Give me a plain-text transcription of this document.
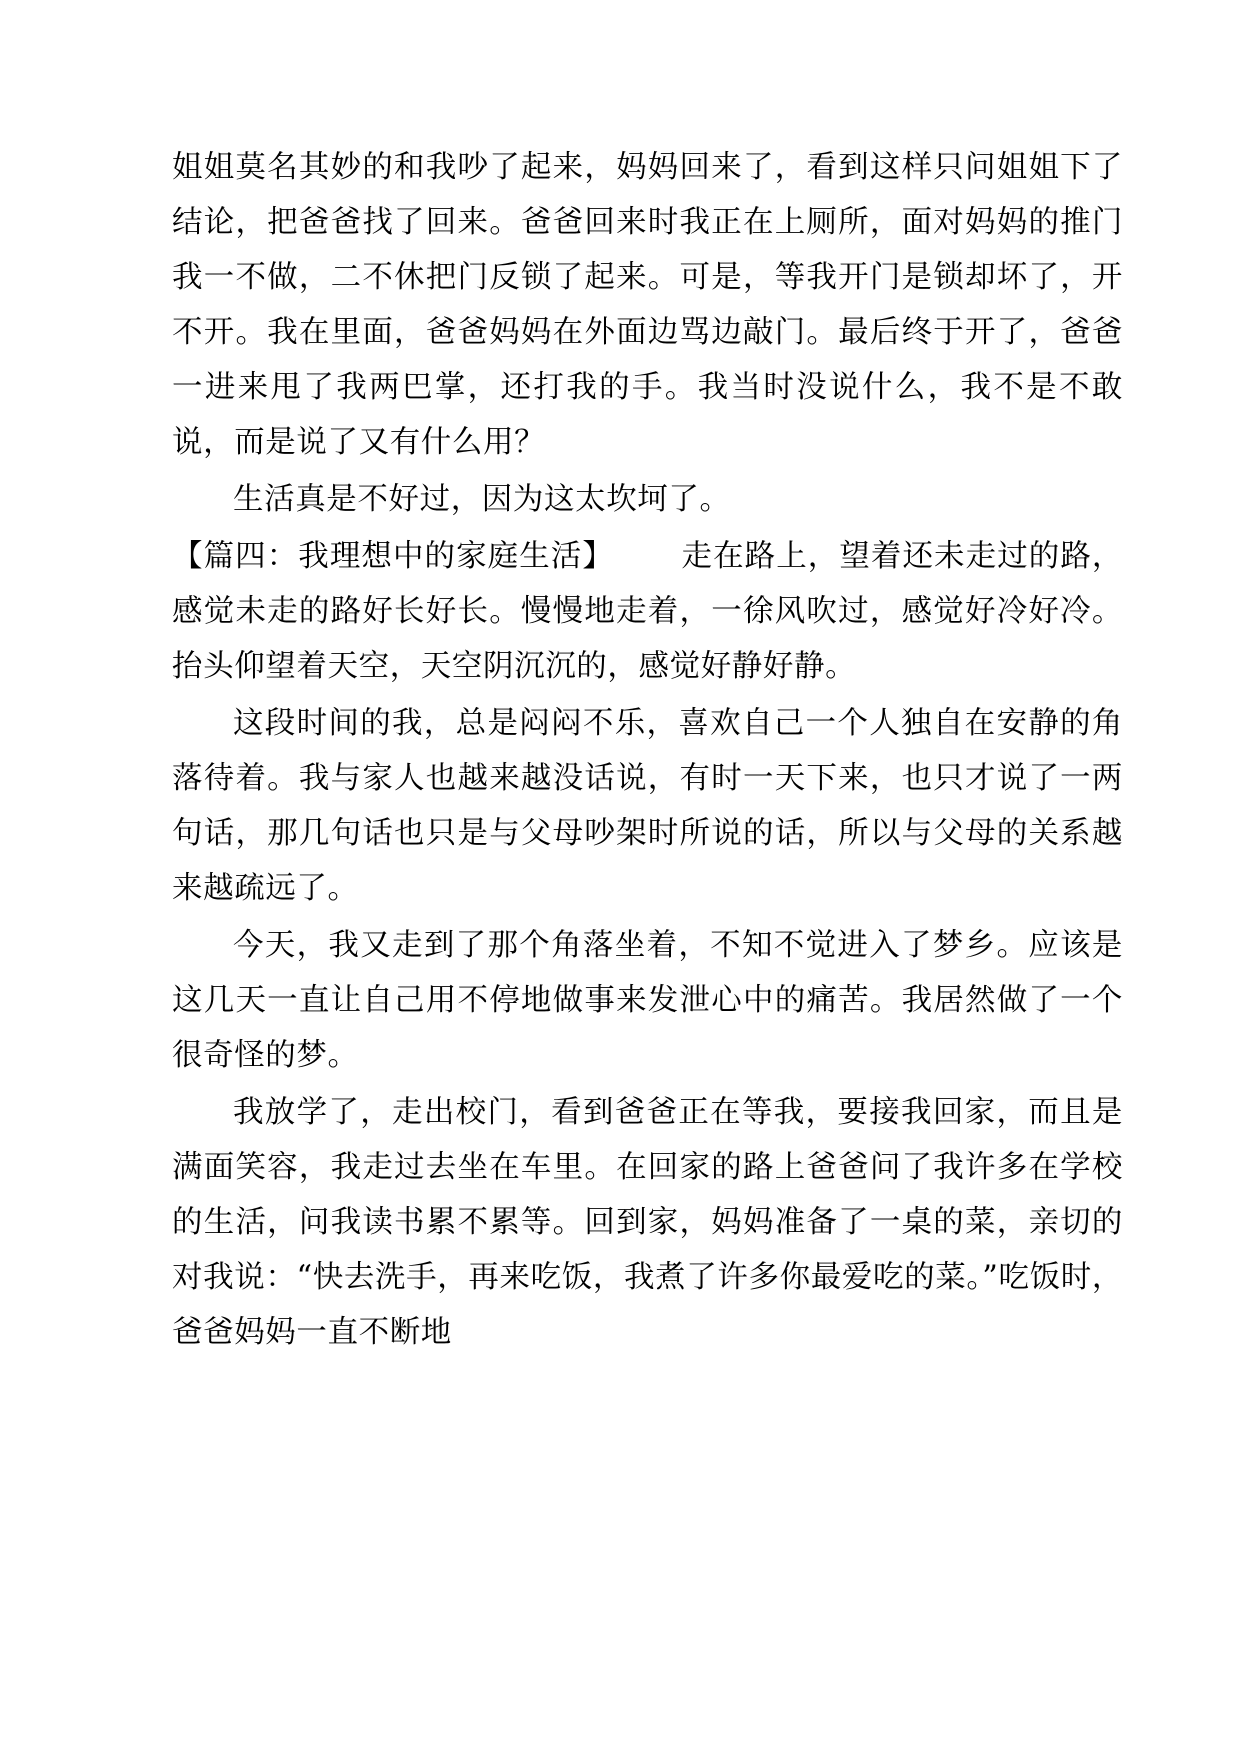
姐姐莫名其妙的和我吵了起来，妈妈回来了，看到这样只问姐姐下了结论，把爸爸找了回来。爸爸回来时我正在上厕所，面对妈妈的推门我一不做，二不休把门反锁了起来。可是，等我开门是锁却坏了，开不开。我在里面，爸爸妈妈在外面边骂边敲门。最后终于开了，爸爸一进来甩了我两巴掌，还打我的手。我当时没说什么，我不是不敢说，而是说了又有什么用？

生活真是不好过，因为这太坎坷了。

【篇四：我理想中的家庭生活】 走在路上，望着还未走过的路，感觉未走的路好长好长。慢慢地走着，一徐风吹过，感觉好冷好冷。抬头仰望着天空，天空阴沉沉的，感觉好静好静。

这段时间的我，总是闷闷不乐，喜欢自己一个人独自在安静的角落待着。我与家人也越来越没话说，有时一天下来，也只才说了一两句话，那几句话也只是与父母吵架时所说的话，所以与父母的关系越来越疏远了。

今天，我又走到了那个角落坐着，不知不觉进入了梦乡。应该是这几天一直让自己用不停地做事来发泄心中的痛苦。我居然做了一个很奇怪的梦。

我放学了，走出校门，看到爸爸正在等我，要接我回家，而且是满面笑容，我走过去坐在车里。在回家的路上爸爸问了我许多在学校的生活，问我读书累不累等。回到家，妈妈准备了一桌的菜，亲切的对我说：“快去洗手，再来吃饭，我煮了许多你最爱吃的菜。”吃饭时，爸爸妈妈一直不断地
